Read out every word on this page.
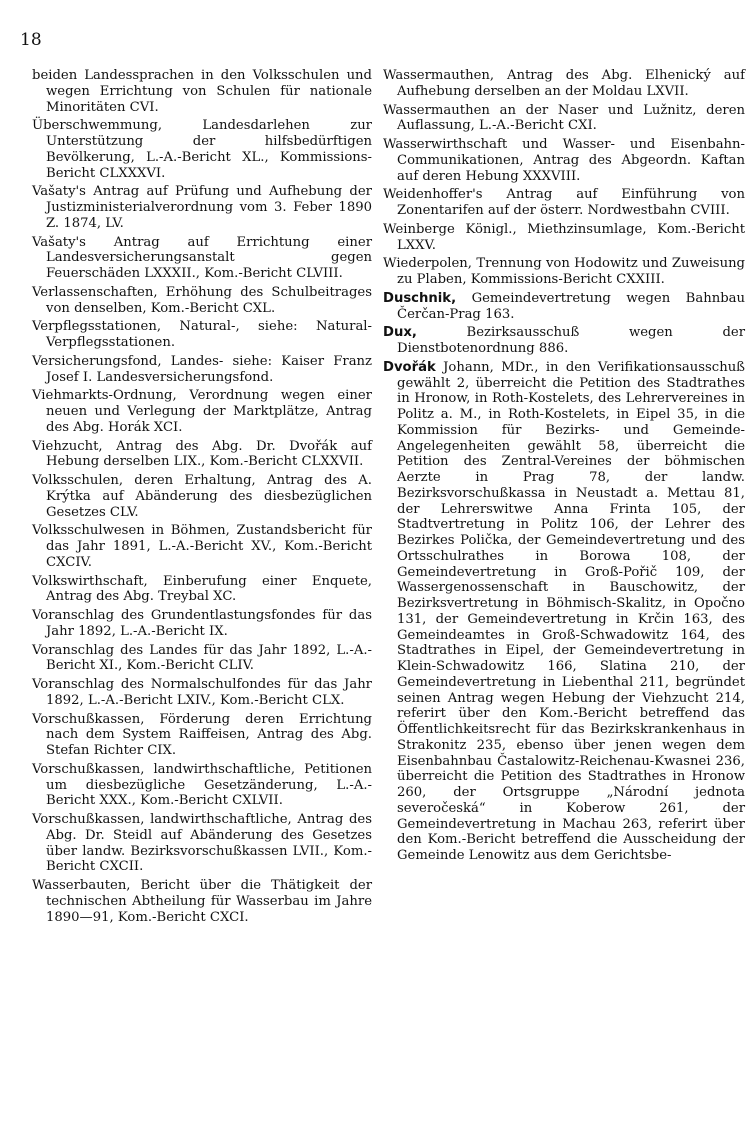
18

beiden Landessprachen in den Volksschulen und wegen Errichtung von Schulen für nationale Minoritäten CVI.

Überschwemmung, Landesdarlehen zur Unterstützung der hilfsbedürftigen Bevölkerung, L.-A.-Bericht XL., Kommissions-Bericht CLXXXVI.

Vašaty's Antrag auf Prüfung und Aufhebung der Justizministerialverordnung vom 3. Feber 1890 Z. 1874, LV.

Vašaty's Antrag auf Errichtung einer Landesversicherungsanstalt gegen Feuerschäden LXXXII., Kom.-Bericht CLVIII.

Verlassenschaften, Erhöhung des Schulbeitrages von denselben, Kom.-Bericht CXL.

Verpflegsstationen, Natural-, siehe: Natural-Verpflegsstationen.

Versicherungsfond, Landes- siehe: Kaiser Franz Josef I. Landesversicherungsfond.

Viehmarkts-Ordnung, Verordnung wegen einer neuen und Verlegung der Marktplätze, Antrag des Abg. Horák XCI.

Viehzucht, Antrag des Abg. Dr. Dvořák auf Hebung derselben LIX., Kom.-Bericht CLXXVII.

Volksschulen, deren Erhaltung, Antrag des A. Krýtka auf Abänderung des diesbezüglichen Gesetzes CLV.

Volksschulwesen in Böhmen, Zustandsbericht für das Jahr 1891, L.-A.-Bericht XV., Kom.-Bericht CXCIV.

Volkswirthschaft, Einberufung einer Enquete, Antrag des Abg. Treybal XC.

Voranschlag des Grundentlastungsfondes für das Jahr 1892, L.-A.-Bericht IX.

Voranschlag des Landes für das Jahr 1892, L.-A.-Bericht XI., Kom.-Bericht CLIV.

Voranschlag des Normalschulfondes für das Jahr 1892, L.-A.-Bericht LXIV., Kom.-Bericht CLX.

Vorschußkassen, Förderung deren Errichtung nach dem System Raiffeisen, Antrag des Abg. Stefan Richter CIX.

Vorschußkassen, landwirthschaftliche, Petitionen um diesbezügliche Gesetzänderung, L.-A.-Bericht XXX., Kom.-Bericht CXLVII.

Vorschußkassen, landwirthschaftliche, Antrag des Abg. Dr. Steidl auf Abänderung des Gesetzes über landw. Bezirksvorschußkassen LVII., Kom.-Bericht CXCII.

Wasserbauten, Bericht über die Thätigkeit der technischen Abtheilung für Wasserbau im Jahre 1890—91, Kom.-Bericht CXCI.

Wassermauthen, Antrag des Abg. Elhenický auf Aufhebung derselben an der Moldau LXVII.

Wassermauthen an der Naser und Lužnitz, deren Auflassung, L.-A.-Bericht CXI.

Wasserwirthschaft und Wasser- und Eisenbahn-Communikationen, Antrag des Abgeordn. Kaftan auf deren Hebung XXXVIII.

Weidenhoffer's Antrag auf Einführung von Zonentarifen auf der österr. Nordwestbahn CVIII.

Weinberge Königl., Miethzinsumlage, Kom.-Bericht LXXV.

Wiederpolen, Trennung von Hodowitz und Zuweisung zu Plaben, Kommissions-Bericht CXXIII.

Duschnik, Gemeindevertretung wegen Bahnbau Čerčan-Prag 163.

Dux,	Bezirksausschuß wegen der Dienstbotenordnung 886.

Dvořák Johann, MDr., in den Verifikationsausschuß gewählt 2, überreicht die Petition des Stadtrathes in Hronow, in Roth-Kostelets, des Lehrervereines in Politz a. M., in Roth-Kostelets, in Eipel 35, in die Kommission für Bezirks- und Gemeinde-Angelegenheiten gewählt 58, überreicht die Petition des Zentral-Vereines der böhmischen Aerzte in Prag 78, der landw. Bezirksvorschußkassa in Neustadt a. Mettau 81, der Lehrerswitwe Anna Frinta 105, der Stadtvertretung in Politz 106, der Lehrer des Bezirkes Polička, der Gemeindevertretung und des Ortsschulrathes in Borowa 108, der Gemeindevertretung in Groß-Pořič 109, der Wassergenossenschaft in Bauschowitz, der Bezirksvertretung in Böhmisch-Skalitz, in Opočno 131, der Gemeindevertretung in Krčin 163, des Gemeindeamtes in Groß-Schwadowitz 164, des Stadtrathes in Eipel, der Gemeindevertretung in Klein-Schwadowitz 166, Slatina 210, der Gemeindevertretung in Liebenthal 211, begründet seinen Antrag wegen Hebung der Viehzucht 214, referirt über den Kom.-Bericht betreffend das Öffentlichkeitsrecht für das Bezirkskrankenhaus in Strakonitz 235, ebenso über jenen wegen dem Eisenbahnbau Častalowitz-Reichenau-Kwasnei 236, überreicht die Petition des Stadtrathes in Hronow 260, der Ortsgruppe „Národní jednota severočeská“ in Koberow 261, der Gemeindevertretung in Machau 263, referirt über den Kom.-Bericht betreffend die Ausscheidung der Gemeinde Lenowitz aus dem Gerichtsbe-
